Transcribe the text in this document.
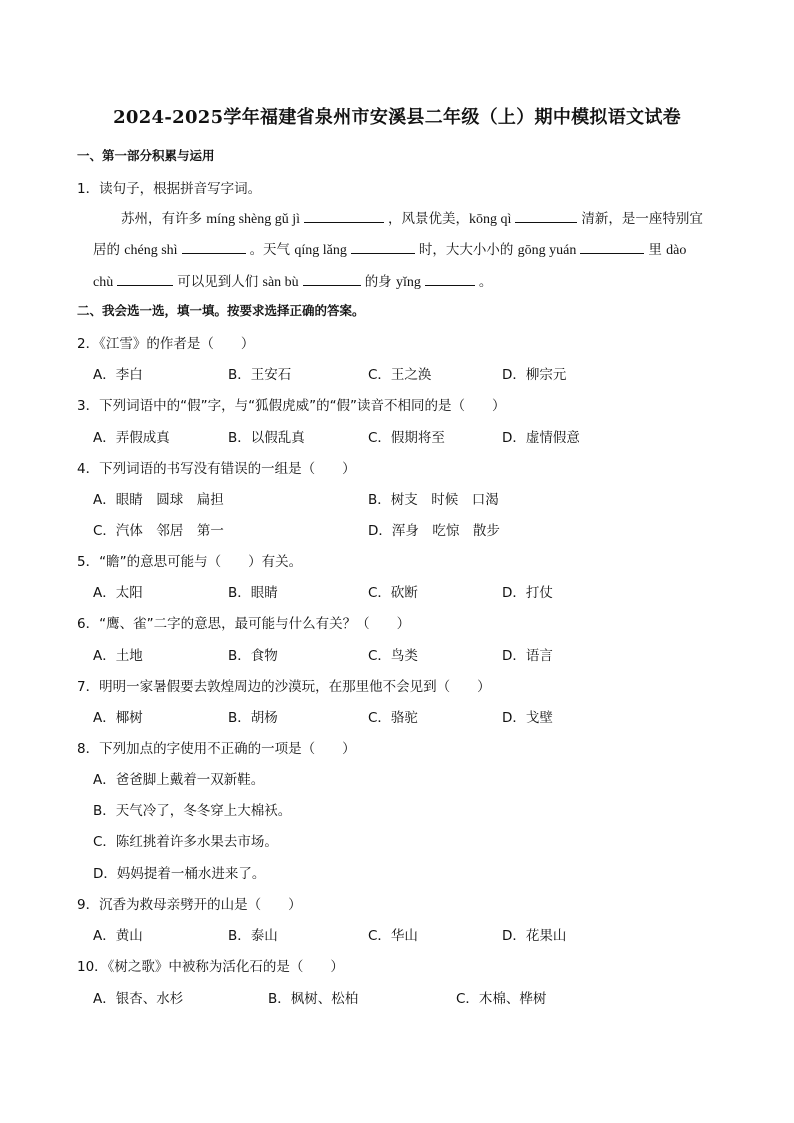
2024-2025学年福建省泉州市安溪县二年级（上）期中模拟语文试卷
一、第一部分积累与运用
1．读句子，根据拼音写字词。
苏州，有许多 míng shèng gǔ jì	，风景优美，kōng qì	清新，是一座特别宜
居的 chéng shì	。天气 qíng lǎng	时，大大小小的 gōng yuán	里 dào
chù	可以见到人们 sàn bù	的身 yǐng	。
二、我会选一选，填一填。按要求选择正确的答案。
2．《江雪》的作者是（　　）
A．李白	B．王安石	C．王之涣	D．柳宗元
3．下列词语中的“假”字，与“狐假虎威”的“假”读音不相同的是（　　）
A．弄假成真	B．以假乱真	C．假期将至	D．虚情假意
4．下列词语的书写没有错误的一组是（　　）
A．眼睛　圆球　扁担	B．树支　时候　口渴
C．汽体　邻居　第一	D．浑身　吃惊　散步
5．“瞻”的意思可能与（　　）有关。
A．太阳	B．眼睛	C．砍断	D．打仗
6．“鹰、雀”二字的意思，最可能与什么有关？（　　）
A．土地	B．食物	C．鸟类	D．语言
7．明明一家暑假要去敦煌周边的沙漠玩，在那里他不会见到（　　）
A．椰树	B．胡杨	C．骆驼	D．戈壁
8．下列加点的字使用不正确的一项是（　　）
A．爸爸脚上戴着一双新鞋。
B．天气冷了，冬冬穿上大棉袄。
C．陈红挑着许多水果去市场。
D．妈妈提着一桶水进来了。
9．沉香为救母亲劈开的山是（　　）
A．黄山	B．泰山	C．华山	D．花果山
10．《树之歌》中被称为活化石的是（　　）
A．银杏、水杉	B．枫树、松柏	C．木棉、桦树
